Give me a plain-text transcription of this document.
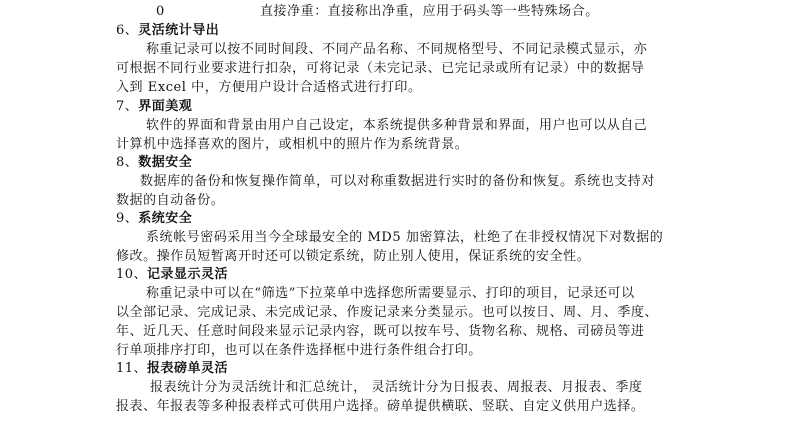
0	直接净重：直接称出净重，应用于码头等一些特殊场合。
6、灵活统计导出
称重记录可以按不同时间段、不同产品名称、不同规格型号、不同记录模式显示，亦
可根据不同行业要求进行扣杂，可将记录（未完记录、已完记录或所有记录）中的数据导
入到 Excel 中，方便用户设计合适格式进行打印。
7、界面美观
软件的界面和背景由用户自己设定，本系统提供多种背景和界面，用户也可以从自己
计算机中选择喜欢的图片，或相机中的照片作为系统背景。
8、数据安全
数据库的备份和恢复操作简单，可以对称重数据进行实时的备份和恢复。系统也支持对
数据的自动备份。
9、系统安全
系统帐号密码采用当今全球最安全的 MD5 加密算法，杜绝了在非授权情况下对数据的
修改。操作员短暂离开时还可以锁定系统，防止别人使用，保证系统的安全性。
10、记录显示灵活
称重记录中可以在“筛选”下拉菜单中选择您所需要显示、打印的项目，记录还可以
以全部记录、完成记录、未完成记录、作废记录来分类显示。也可以按日、周、月、季度、
年、近几天、任意时间段来显示记录内容，既可以按车号、货物名称、规格、司磅员等进
行单项排序打印，也可以在条件选择框中进行条件组合打印。
11、报表磅单灵活
报表统计分为灵活统计和汇总统计， 灵活统计分为日报表、周报表、月报表、季度
报表、年报表等多种报表样式可供用户选择。磅单提供横联、竖联、自定义供用户选择。
